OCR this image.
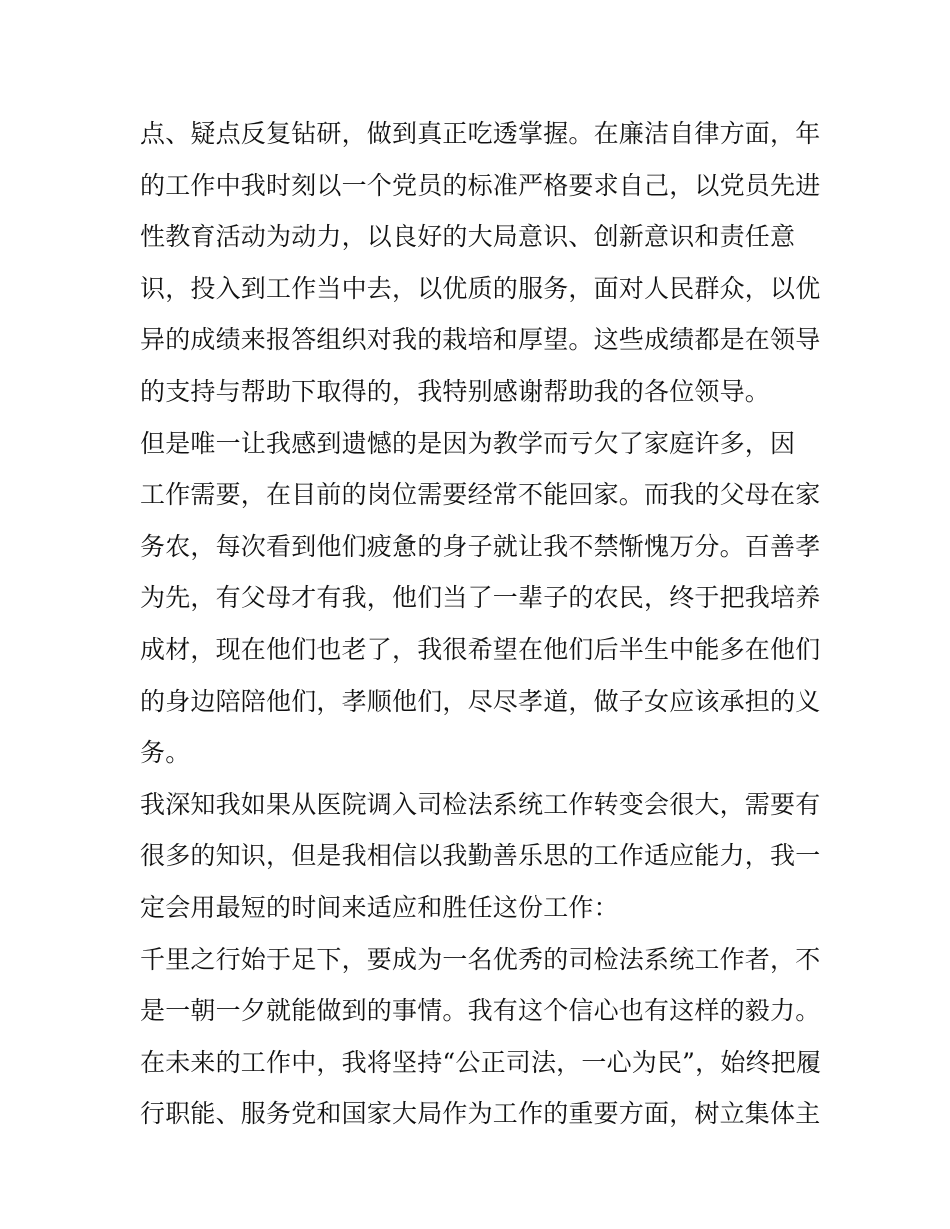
点、疑点反复钻研，做到真正吃透掌握。在廉洁自律方面，年
的工作中我时刻以一个党员的标准严格要求自己，以党员先进
性教育活动为动力，以良好的大局意识、创新意识和责任意
识，投入到工作当中去，以优质的服务，面对人民群众，以优
异的成绩来报答组织对我的栽培和厚望。这些成绩都是在领导
的支持与帮助下取得的，我特别感谢帮助我的各位领导。
但是唯一让我感到遗憾的是因为教学而亏欠了家庭许多，因
工作需要，在目前的岗位需要经常不能回家。而我的父母在家
务农，每次看到他们疲惫的身子就让我不禁惭愧万分。百善孝
为先，有父母才有我，他们当了一辈子的农民，终于把我培养
成材，现在他们也老了，我很希望在他们后半生中能多在他们
的身边陪陪他们，孝顺他们，尽尽孝道，做子女应该承担的义
务。
我深知我如果从医院调入司检法系统工作转变会很大，需要有
很多的知识，但是我相信以我勤善乐思的工作适应能力，我一
定会用最短的时间来适应和胜任这份工作：
千里之行始于足下，要成为一名优秀的司检法系统工作者，不
是一朝一夕就能做到的事情。我有这个信心也有这样的毅力。
在未来的工作中，我将坚持“公正司法，一心为民”，始终把履
行职能、服务党和国家大局作为工作的重要方面，树立集体主
